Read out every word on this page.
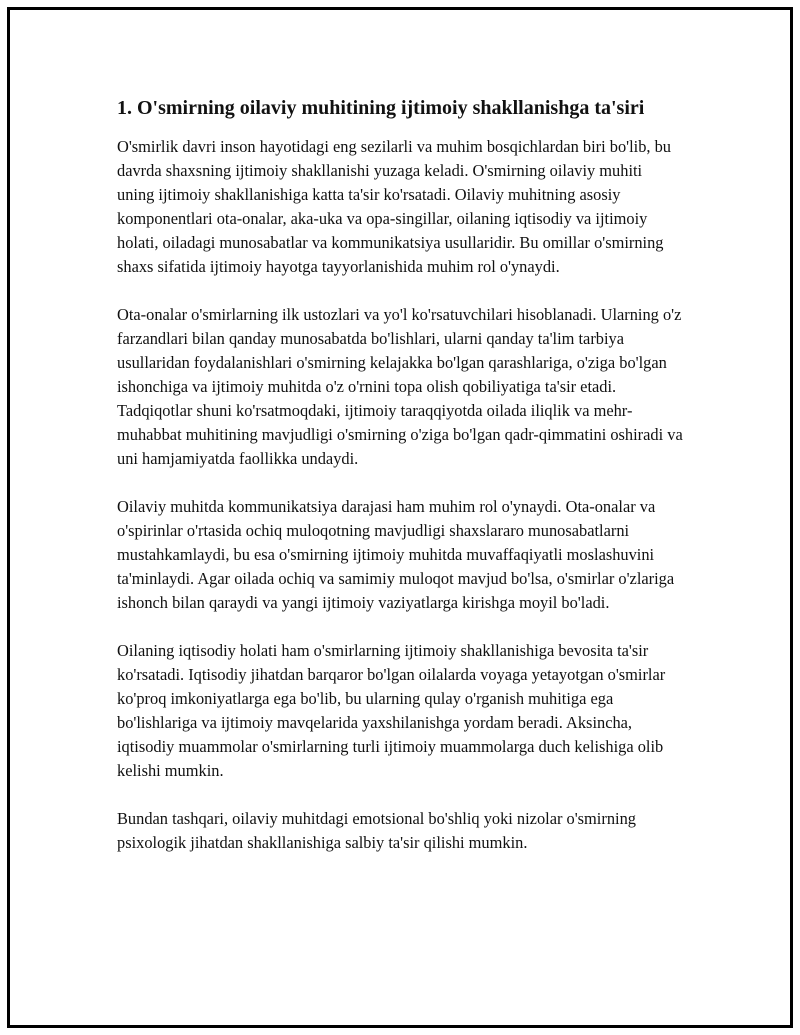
1. O'smirning oilaviy muhitining ijtimoiy shakllanishga ta'siri

O'smirlik davri inson hayotidagi eng sezilarli va muhim bosqichlardan biri bo'lib, bu davrda shaxsning ijtimoiy shakllanishi yuzaga keladi. O'smirning oilaviy muhiti uning ijtimoiy shakllanishiga katta ta'sir ko'rsatadi. Oilaviy muhitning asosiy komponentlari ota-onalar, aka-uka va opa-singillar, oilaning iqtisodiy va ijtimoiy holati, oiladagi munosabatlar va kommunikatsiya usullaridir. Bu omillar o'smirning shaxs sifatida ijtimoiy hayotga tayyorlanishida muhim rol o'ynaydi.

Ota-onalar o'smirlarning ilk ustozlari va yo'l ko'rsatuvchilari hisoblanadi. Ularning o'z farzandlari bilan qanday munosabatda bo'lishlari, ularni qanday ta'lim tarbiya usullaridan foydalanishlari o'smirning kelajakka bo'lgan qarashlariga, o'ziga bo'lgan ishonchiga va ijtimoiy muhitda o'z o'rnini topa olish qobiliyatiga ta'sir etadi. Tadqiqotlar shuni ko'rsatmoqdaki, ijtimoiy taraqqiyotda oilada iliqlik va mehr-muhabbat muhitining mavjudligi o'smirning o'ziga bo'lgan qadr-qimmatini oshiradi va uni hamjamiyatda faollikka undaydi.

Oilaviy muhitda kommunikatsiya darajasi ham muhim rol o'ynaydi. Ota-onalar va o'spirinlar o'rtasida ochiq muloqotning mavjudligi shaxslararo munosabatlarni mustahkamlaydi, bu esa o'smirning ijtimoiy muhitda muvaffaqiyatli moslashuvini ta'minlaydi. Agar oilada ochiq va samimiy muloqot mavjud bo'lsa, o'smirlar o'zlariga ishonch bilan qaraydi va yangi ijtimoiy vaziyatlarga kirishga moyil bo'ladi.

Oilaning iqtisodiy holati ham o'smirlarning ijtimoiy shakllanishiga bevosita ta'sir ko'rsatadi. Iqtisodiy jihatdan barqaror bo'lgan oilalarda voyaga yetayotgan o'smirlar ko'proq imkoniyatlarga ega bo'lib, bu ularning qulay o'rganish muhitiga ega bo'lishlariga va ijtimoiy mavqelarida yaxshilanishga yordam beradi. Aksincha, iqtisodiy muammolar o'smirlarning turli ijtimoiy muammolarga duch kelishiga olib kelishi mumkin.

Bundan tashqari, oilaviy muhitdagi emotsional bo'shliq yoki nizolar o'smirning psixologik jihatdan shakllanishiga salbiy ta'sir qilishi mumkin.
